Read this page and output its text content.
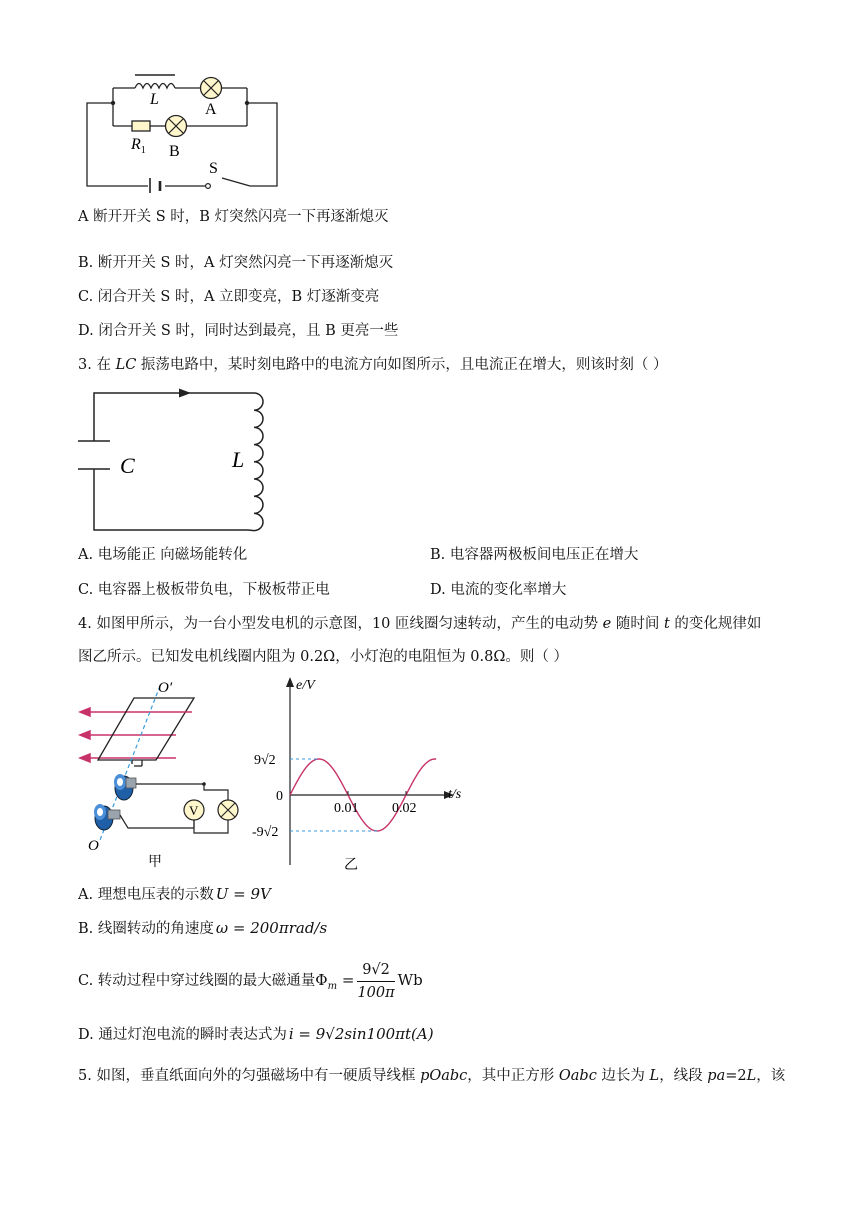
L
A
$R_1$ B
S
A 断开开关 S 时，B 灯突然闪亮一下再逐渐熄灭
B. 断开开关 S 时，A 灯突然闪亮一下再逐渐熄灭
C. 闭合开关 S 时，A 立即变亮，B 灯逐渐变亮
D. 闭合开关 S 时，同时达到最亮，且 B 更亮一些
3. 在 LC 振荡电路中，某时刻电路中的电流方向如图所示，且电流正在增大，则该时刻（ ）
C	L
A. 电场能正 向磁场能转化	B. 电容器两极板间电压正在增大
C. 电容器上极板带负电，下极板带正电	D. 电流的变化率增大
4. 如图甲所示，为一台小型发电机的示意图，10 匝线圈匀速转动，产生的电动势 e 随时间 t 的变化规律如
图乙所示。已知发电机线圈内阻为 0.2Ω，小灯泡的电阻恒为 0.8Ω。则（ ）
V
O′
O
甲
e/V
t/s
0
9√2
-9√2
0.01 0.02
乙
A. 理想电压表的示数 U = 9V
B. 线圈转动的角速度 ω = 200πrad/s
C. 转动过程中穿过线圈的最大磁通量$\Phi_m = \frac{9√2}{100\pi}$ Wb
D. 通过灯泡电流的瞬时表达式为 i = 9√2sin100πt(A)
5. 如图，垂直纸面向外的匀强磁场中有一硬质导线框 pOabc，其中正方形 Oabc 边长为 L，线段 pa=2L，该
